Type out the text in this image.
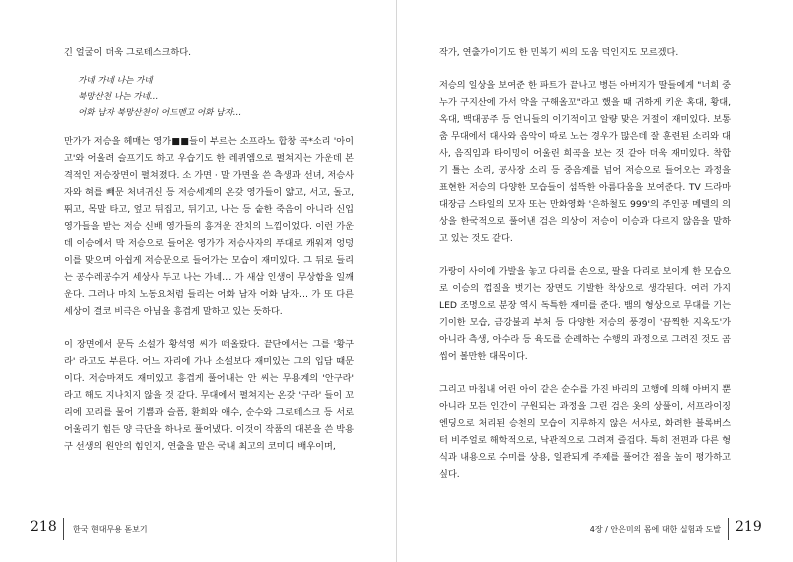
긴 얼굴이 더욱 그로테스크하다.

가네 가네 나는 가네
북망산천 나는 가네…
어화 남자 북망산천이 어드멘고 어화 남자…

만가가 저승을 헤매는 영가■■들이 부르는 소프라노 합창 곡*소리 '아이고'와 어울려 슬프기도 하고 우습기도 한 레퀴엠으로 펼쳐지는 가운데 본격적인 저승장면이 펼쳐졌다. 소 가면 · 말 가면을 쓴 측생과 선녀, 저승사자와 혀를 빼문 처녀귀신 등 저승세계의 온갖 영가들이 얇고, 서고, 돌고, 뛰고, 목말 타고, 엎고 뒤집고, 뒤기고, 나는 등 숱한 죽음이 아니라 신입 영가들을 받는 저승 신배 영가들의 흥겨운 잔치의 느낌이었다. 이런 가운데 이승에서 막 저승으로 들어온 영가가 저승사자의 푸대로 캐워져 엉덩이를 맞으며 아쉽게 저승문으로 들어가는 모습이 재미있다. 그 뒤로 들리는 공수레공수거 세상사 두고 나는 가네… 가 새삼 인생이 무상함을 일깨운다. 그러나 마치 노동요처럼 들리는 어화 남자 어화 남자… 가 또 다른 세상이 결코 비극은 아님을 흥겹게 말하고 있는 듯하다.

이 장면에서 문득 소설가 황석영 씨가 떠올랐다. 끝단에서는 그를 '황구라' 라고도 부른다. 어느 자리에 가나 소설보다 재미있는 그의 입담 때문이다. 저승마져도 재미있고 흥겹게 풀어내는 안 씨는 무용계의 '안구라' 라고 해도 지나치지 않을 것 같다. 무대에서 펼쳐지는 온갖 '구라' 들이 꼬리에 꼬리를 물어 기쁨과 슬픔, 환희와 애수, 순수와 그로테스크 등 서로 어울리기 힘든 양 극단을 하나로 풀어냈다. 이것이 작품의 대본을 쓴 박용구 선생의 원안의 힘인지, 연출을 맡은 국내 최고의 코미디 배우이며,

218 한국 현대무용 돋보기

작가, 연출가이기도 한 민복기 씨의 도움 덕인지도 모르겠다.

저승의 일상을 보여준 한 파트가 끝나고 병든 아버지가 딸들에게 "너희 중 누가 구지산에 가서 약을 구해올꼬"라고 했을 때 귀하게 키운 혹대, 황대, 옥대, 백대공주 등 언니들의 이기적이고 알량 맞은 거절이 재미있다. 보통 춤 무대에서 대사와 음악이 따로 노는 경우가 많은데 잘 훈련된 소리와 대사, 음직임과 타이밍이 어울린 희곡을 보는 것 같아 더욱 재미있다. 착합기 틀는 소리, 공사장 소리 등 중음계를 넘어 저승으로 들어오는 과정을 표현한 저승의 다양한 모습들이 섬뜩한 아름다움을 보여준다. TV 드라마 대장금 스타일의 모자 또는 만화영화 '은하철도 999'의 주인공 메텔의 의상을 한국적으로 풀어낸 검은 의상이 저승이 이승과 다르지 않음을 말하고 있는 것도 같다.

가랑이 사이에 가발을 놓고 다리를 손으로, 팔을 다리로 보이게 한 모습으로 이승의 껍질을 벗기는 장면도 기발한 착상으로 생각된다. 여러 가지 LED 조명으로 분장 역시 독특한 재미를 준다. 뱀의 형상으로 무대를 기는 기이한 모습, 금강불괴 부처 등 다양한 저승의 풍경이 '끔찍한 지옥도'가 아니라 측생, 아수라 등 육도를 순례하는 수행의 과정으로 그려진 것도 곰씹어 볼만한 대목이다.

그리고 마침내 어린 아이 같은 순수를 가진 바리의 고행에 의해 아버지 뿐 아니라 모든 인간이 구원되는 과정을 그린 검은 옷의 상풀이, 서프라이징 엔딩으로 처리된 승천의 모습이 지루하지 않은 서사로, 화려한 블록버스터 비주얼로 해학적으로, 낙관적으로 그려져 즐겁다. 특히 전편과 다른 형식과 내용으로 수미를 상용, 일관되게 주제를 풀어간 점을 높이 평가하고 싶다.

4장 / 안은미의 몸에 대한 실험과 도발 219
